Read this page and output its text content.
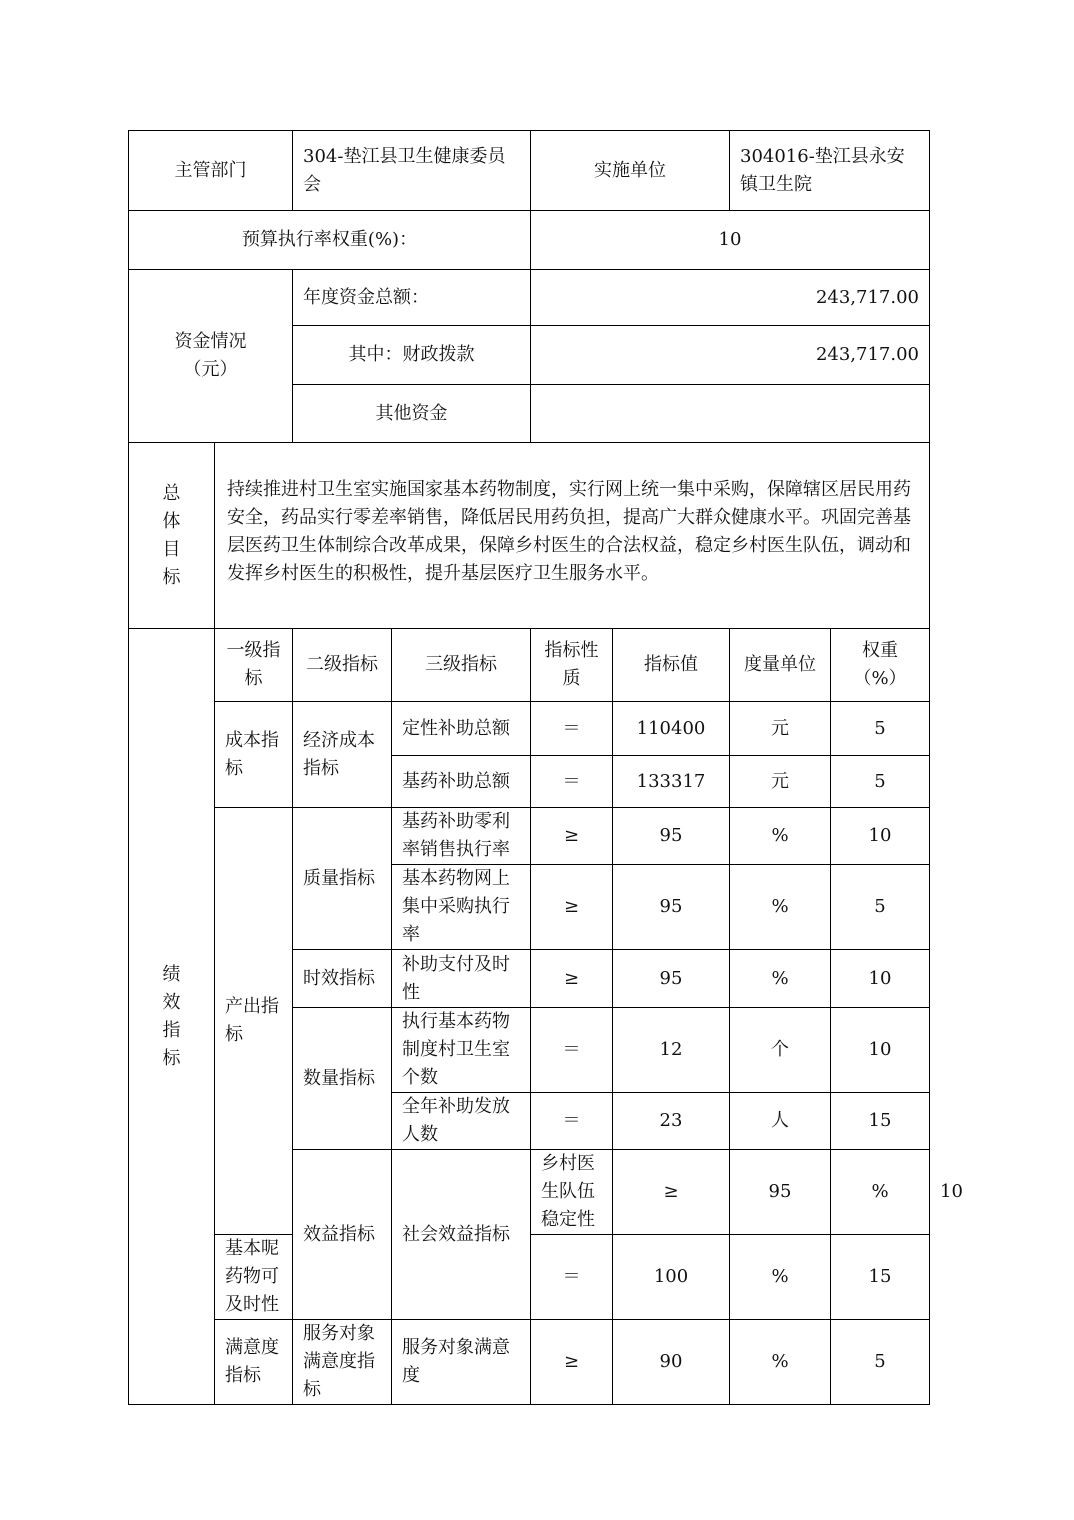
主管部门		304-垫江县卫生健康委员会		实施单位		304016-垫江县永安镇卫生院		
预算执行率权重(%)：				10				

资金情况
（元）		年度资金总额：		243,717.00				
		其中：财政拨款		243,717.00				
		其他资金						

总
体
目
标	持续推进村卫生室实施国家基本药物制度，实行网上统一集中采购，保障辖区居民用药安全，药品实行零差率销售，降低居民用药负担，提高广大群众健康水平。巩固完善基层医药卫生体制综合改革成果，保障乡村医生的合法权益，稳定乡村医生队伍，调动和发挥乡村医生的积极性，提升基层医疗卫生服务水平。							

绩
效
指
标	一级指标	二级指标	三级指标	指标性质	指标值	度量单位	权重（%）	
	成本指标	经济成本指标	定性补助总额	＝	110400	元	5	
			基药补助总额	＝	133317	元	5	
	产出指标	质量指标	基药补助零利率销售执行率	≥	95	%	10	
			基本药物网上集中采购执行率	≥	95	%	5	
		时效指标	补助支付及时性	≥	95	%	10	
		数量指标	执行基本药物制度村卫生室个数	＝	12	个	10	
			全年补助发放人数	＝	23	人	15	
		效益指标	社会效益指标	乡村医生队伍稳定性	≥	95	%	10
	基本呢药物可及时性			＝	100	%	15	
	满意度指标	服务对象满意度指标	服务对象满意度	≥	90	%	5	
